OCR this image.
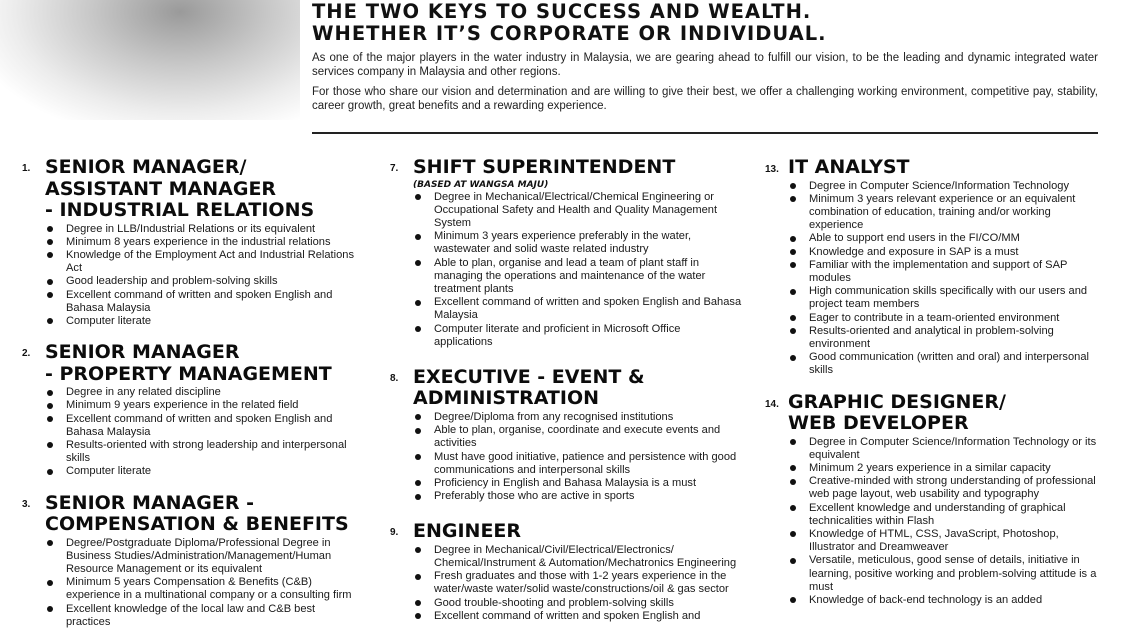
THE TWO KEYS TO SUCCESS AND WEALTH.
WHETHER IT’S CORPORATE OR INDIVIDUAL.

As one of the major players in the water industry in Malaysia, we are gearing ahead to fulfill our vision, to be the leading and dynamic integrated water services company in Malaysia and other regions.

For those who share our vision and determination and are willing to give their best, we offer a challenging working environment, competitive pay, stability, career growth, great benefits and a rewarding experience.

1. SENIOR MANAGER/
ASSISTANT MANAGER
- INDUSTRIAL RELATIONS
Degree in LLB/Industrial Relations or its equivalent
Minimum 8 years experience in the industrial relations
Knowledge of the Employment Act and Industrial Relations Act
Good leadership and problem-solving skills
Excellent command of written and spoken English and Bahasa Malaysia
Computer literate
2. SENIOR MANAGER
- PROPERTY MANAGEMENT
Degree in any related discipline
Minimum 9 years experience in the related field
Excellent command of written and spoken English and Bahasa Malaysia
Results-oriented with strong leadership and interpersonal skills
Computer literate
3. SENIOR MANAGER -
COMPENSATION & BENEFITS
Degree/Postgraduate Diploma/Professional Degree in Business Studies/Administration/Management/Human Resource Management or its equivalent
Minimum 5 years Compensation & Benefits (C&B) experience in a multinational company or a consulting firm
Excellent knowledge of the local law and C&B best practices
7. SHIFT SUPERINTENDENT
(BASED AT WANGSA MAJU)
Degree in Mechanical/Electrical/Chemical Engineering or Occupational Safety and Health and Quality Management System
Minimum 3 years experience preferably in the water, wastewater and solid waste related industry
Able to plan, organise and lead a team of plant staff in managing the operations and maintenance of the water treatment plants
Excellent command of written and spoken English and Bahasa Malaysia
Computer literate and proficient in Microsoft Office applications
8. EXECUTIVE - EVENT &
ADMINISTRATION
Degree/Diploma from any recognised institutions
Able to plan, organise, coordinate and execute events and activities
Must have good initiative, patience and persistence with good communications and interpersonal skills
Proficiency in English and Bahasa Malaysia is a must
Preferably those who are active in sports
9. ENGINEER
Degree in Mechanical/Civil/Electrical/Electronics/ Chemical/Instrument & Automation/Mechatronics Engineering
Fresh graduates and those with 1-2 years experience in the water/waste water/solid waste/constructions/oil & gas sector
Good trouble-shooting and problem-solving skills
Excellent command of written and spoken English and
13. IT ANALYST
Degree in Computer Science/Information Technology
Minimum 3 years relevant experience or an equivalent combination of education, training and/or working experience
Able to support end users in the FI/CO/MM
Knowledge and exposure in SAP is a must
Familiar with the implementation and support of SAP modules
High communication skills specifically with our users and project team members
Eager to contribute in a team-oriented environment
Results-oriented and analytical in problem-solving environment
Good communication (written and oral) and interpersonal skills
14. GRAPHIC DESIGNER/
WEB DEVELOPER
Degree in Computer Science/Information Technology or its equivalent
Minimum 2 years experience in a similar capacity
Creative-minded with strong understanding of professional web page layout, web usability and typography
Excellent knowledge and understanding of graphical technicalities within Flash
Knowledge of HTML, CSS, JavaScript, Photoshop, Illustrator and Dreamweaver
Versatile, meticulous, good sense of details, initiative in learning, positive working and problem-solving attitude is a must
Knowledge of back-end technology is an added
